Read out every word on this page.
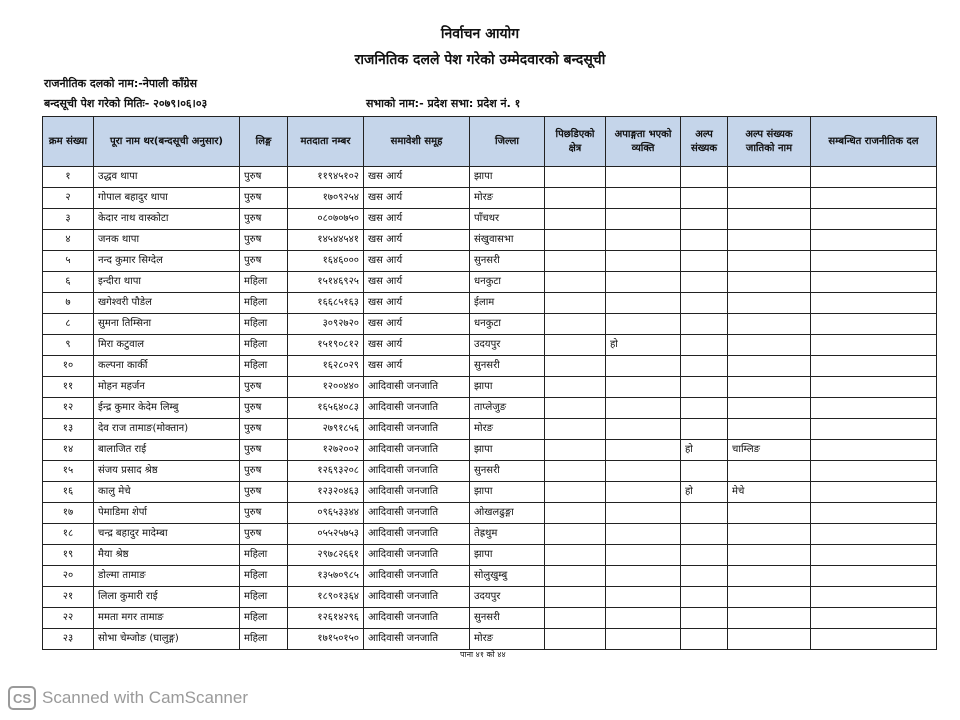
निर्वाचन आयोग
राजनितिक दलले पेश गरेको उम्मेदवारको बन्दसूची
राजनीतिक दलको नाम:-नेपाली काँग्रेस
बन्दसूची पेश गरेको मितिः- २०७९।०६।०३	सभाको नाम:- प्रदेश सभा: प्रदेश नं. १
क्रम संख्या	पूरा नाम थर(बन्दसूची अनुसार)	लिङ्ग	मतदाता नम्बर	समावेशी समूह	जिल्ला	पिछडिएको क्षेत्र	अपाङ्गता भएको व्यक्ति	अल्प संख्यक	अल्प संख्यक जातिको नाम	सम्बन्धित राजनीतिक दल
१	उद्धव थापा	पुरुष	११९४५१०२	खस आर्य	झापा					
२	गोपाल बहादुर थापा	पुरुष	१७०९२५४	खस आर्य	मोरङ					
३	केदार नाथ वास्कोटा	पुरुष	०८०७०७५०	खस आर्य	पाँचथर					
४	जनक थापा	पुरुष	१४५४४५४१	खस आर्य	संखुवासभा					
५	नन्द कुमार सिग्देल	पुरुष	१६४६०००	खस आर्य	सुनसरी					
६	इन्दीरा थापा	महिला	१५१४६९२५	खस आर्य	धनकुटा					
७	खगेश्वरी पौडेल	महिला	१६६८५१६३	खस आर्य	ईलाम					
८	सुमना तिम्सिना	महिला	३०९२७२०	खस आर्य	धनकुटा					
९	मिरा कटुवाल	महिला	१५१९०८१२	खस आर्य	उदयपुर		हो			
१०	कल्पना कार्की	महिला	१६२८०२९	खस आर्य	सुनसरी					
११	मोहन महर्जन	पुरुष	१२००४४०	आदिवासी जनजाति	झापा					
१२	ईन्द्र कुमार केदेम लिम्बु	पुरुष	१६५६४०८३	आदिवासी जनजाति	ताप्लेजुङ					
१३	देव राज तामाङ(मोक्तान)	पुरुष	२७९१८५६	आदिवासी जनजाति	मोरङ					
१४	बालाजित राई	पुरुष	१२७२००२	आदिवासी जनजाति	झापा			हो	चाम्लिङ	
१५	संजय प्रसाद श्रेष्ठ	पुरुष	१२६९३२०८	आदिवासी जनजाति	सुनसरी					
१६	कालु मेचे	पुरुष	१२३२०४६३	आदिवासी जनजाति	झापा			हो	मेचे	
१७	पेमाडिमा शेर्पा	पुरुष	०९६५३३४४	आदिवासी जनजाति	ओखलढुङ्गा					
१८	चन्द्र बहादुर मादेम्बा	पुरुष	०५५२५७५३	आदिवासी जनजाति	तेह्रथुम					
१९	मैया श्रेष्ठ	महिला	२९७८२६६१	आदिवासी जनजाति	झापा					
२०	डोल्मा तामाङ	महिला	१३५७०९८५	आदिवासी जनजाति	सोलुखुम्बु					
२१	लिला कुमारी राई	महिला	१८९०१३६४	आदिवासी जनजाति	उदयपुर					
२२	ममता मगर तामाङ	महिला	१२६१४२९६	आदिवासी जनजाति	सुनसरी					
२३	सोभा चेम्जोङ (घालुङ्ग)	महिला	१७१५०१५०	आदिवासी जनजाति	मोरङ					
पाना ४१ को ४४
CS Scanned with CamScanner
